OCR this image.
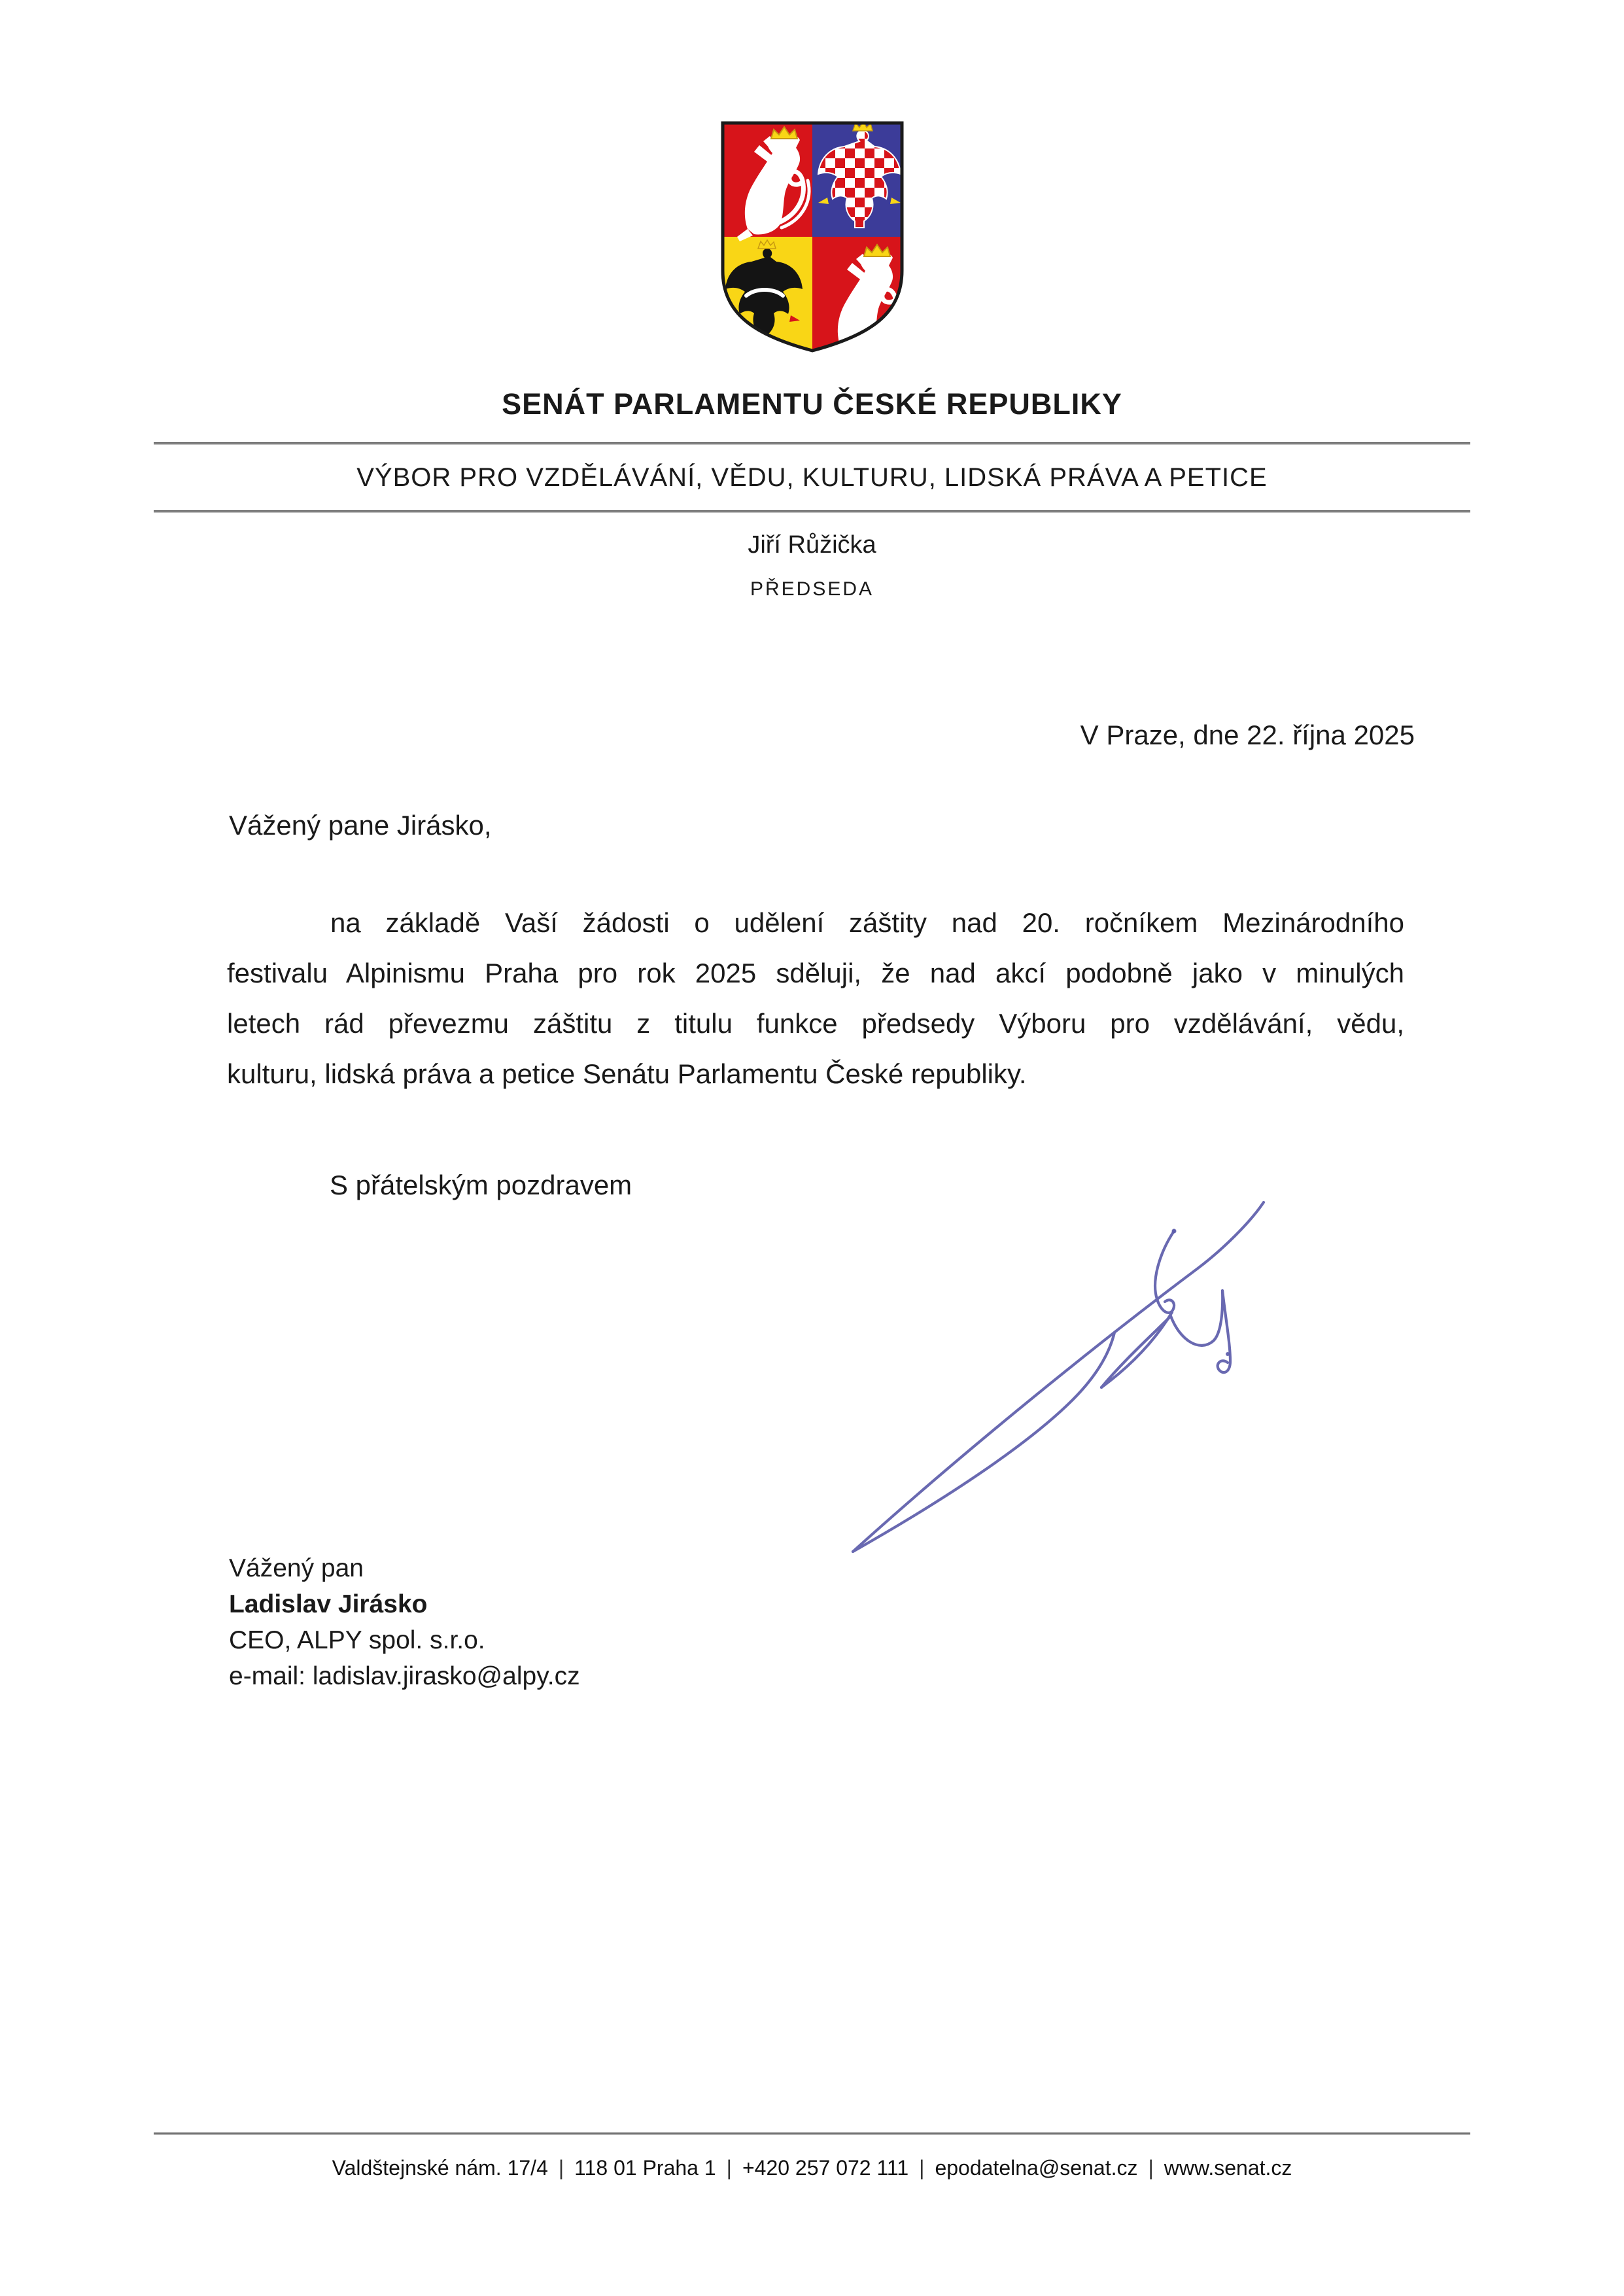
SENÁT PARLAMENTU ČESKÉ REPUBLIKY
VÝBOR PRO VZDĚLÁVÁNÍ, VĚDU, KULTURU, LIDSKÁ PRÁVA A PETICE
Jiří Růžička
PŘEDSEDA
V Praze, dne 22. října 2025
Vážený pane Jirásko,
na základě Vaší žádosti o udělení záštity nad 20. ročníkem Mezinárodního
festivalu Alpinismu Praha pro rok 2025 sděluji, že nad akcí podobně jako v minulých
letech rád převezmu záštitu z titulu funkce předsedy Výboru pro vzdělávání, vědu,
kulturu, lidská práva a petice Senátu Parlamentu České republiky.
S přátelským pozdravem
Vážený pan
Ladislav Jirásko
CEO, ALPY spol. s.r.o.
e-mail: ladislav.jirasko@alpy.cz
Valdštejnské nám. 17/4 | 118 01 Praha 1 | +420 257 072 111 | epodatelna@senat.cz | www.senat.cz
